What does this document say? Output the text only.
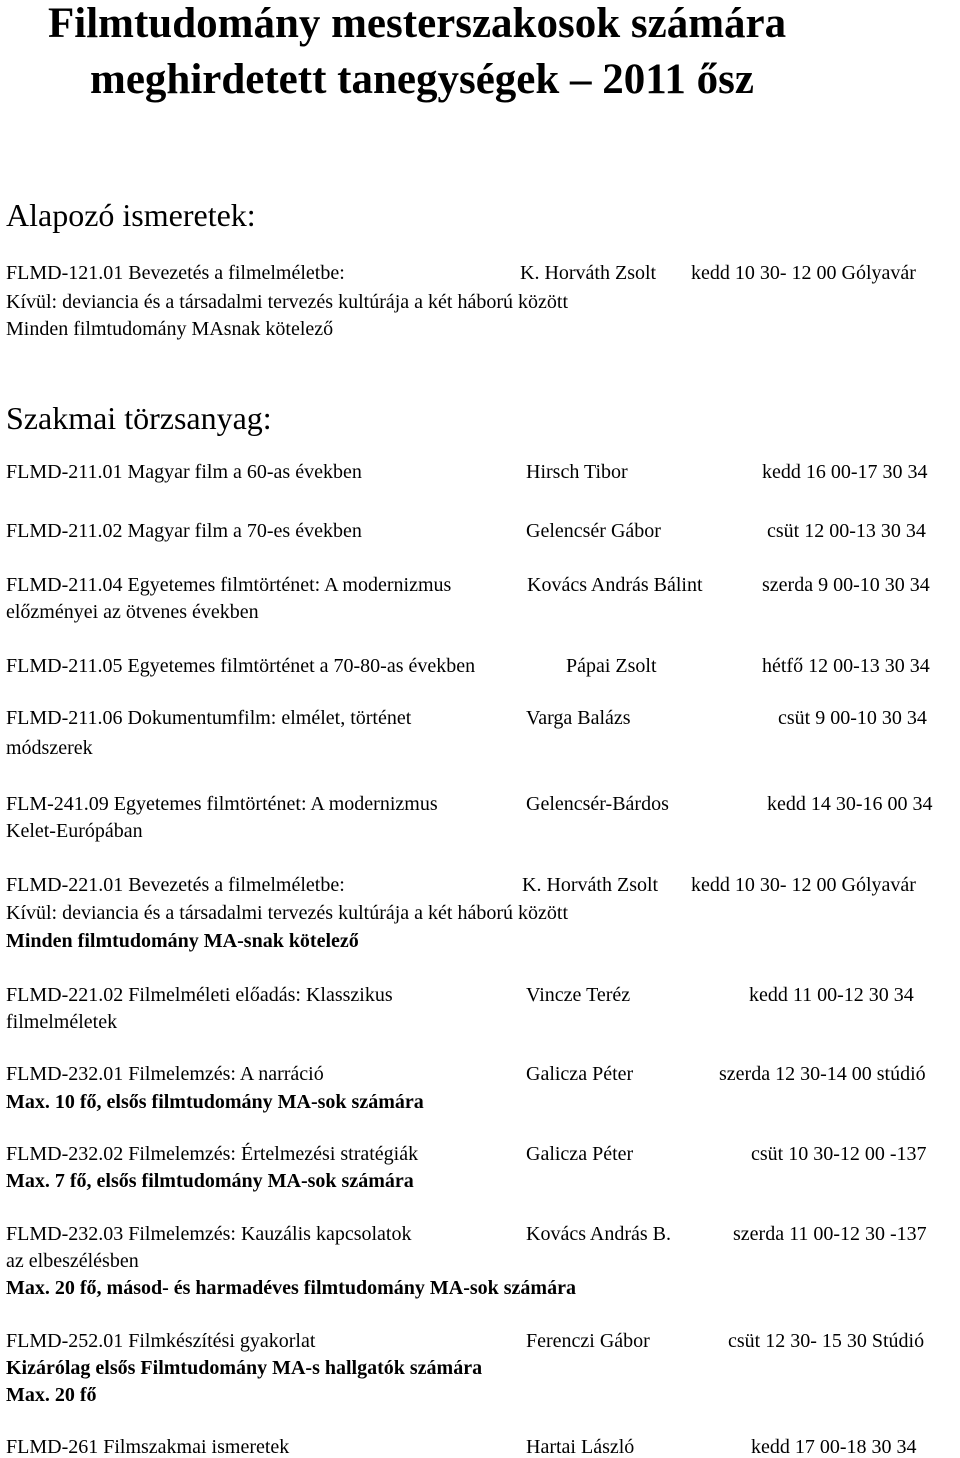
Filmtudomány mesterszakosok számára
meghirdetett tanegységek – 2011 ősz
Alapozó ismeretek:
FLMD-121.01 Bevezetés a filmelméletbe:	K. Horváth Zsolt kedd 10 30- 12 00 Gólyavár
Kívül: deviancia és a társadalmi tervezés kultúrája a két háború között
Minden filmtudomány MAsnak kötelező
Szakmai törzsanyag:
FLMD-211.01 Magyar film a 60-as években	Hirsch Tibor	kedd 16 00-17 30 34
FLMD-211.02 Magyar film a 70-es években	Gelencsér Gábor	csüt 12 00-13 30 34
FLMD-211.04 Egyetemes filmtörténet: A modernizmus	Kovács András Bálint	szerda 9 00-10 30 34
előzményei az ötvenes években
FLMD-211.05 Egyetemes filmtörténet a 70-80-as években	Pápai Zsolt	hétfő 12 00-13 30 34
FLMD-211.06 Dokumentumfilm: elmélet, történet	Varga Balázs	csüt 9 00-10 30 34
módszerek
FLM-241.09 Egyetemes filmtörténet: A modernizmus	Gelencsér-Bárdos	kedd 14 30-16 00 34
Kelet-Európában
FLMD-221.01 Bevezetés a filmelméletbe:	K. Horváth Zsolt kedd 10 30- 12 00 Gólyavár
Kívül: deviancia és a társadalmi tervezés kultúrája a két háború között
Minden filmtudomány MA-snak kötelező
FLMD-221.02 Filmelméleti előadás: Klasszikus	Vincze Teréz	kedd 11 00-12 30 34
filmelméletek
FLMD-232.01 Filmelemzés: A narráció	Galicza Péter	szerda 12 30-14 00 stúdió
Max. 10 fő, elsős filmtudomány MA-sok számára
FLMD-232.02 Filmelemzés: Értelmezési stratégiák	Galicza Péter	csüt 10 30-12 00 -137
Max. 7 fő, elsős filmtudomány MA-sok számára
FLMD-232.03 Filmelemzés: Kauzális kapcsolatok	Kovács András B.	szerda 11 00-12 30 -137
az elbeszélésben
Max. 20 fő, másod- és harmadéves filmtudomány MA-sok számára
FLMD-252.01 Filmkészítési gyakorlat	Ferenczi Gábor	csüt 12 30- 15 30 Stúdió
Kizárólag elsős Filmtudomány MA-s hallgatók számára
Max. 20 fő
FLMD-261 Filmszakmai ismeretek	Hartai László	kedd 17 00-18 30 34
